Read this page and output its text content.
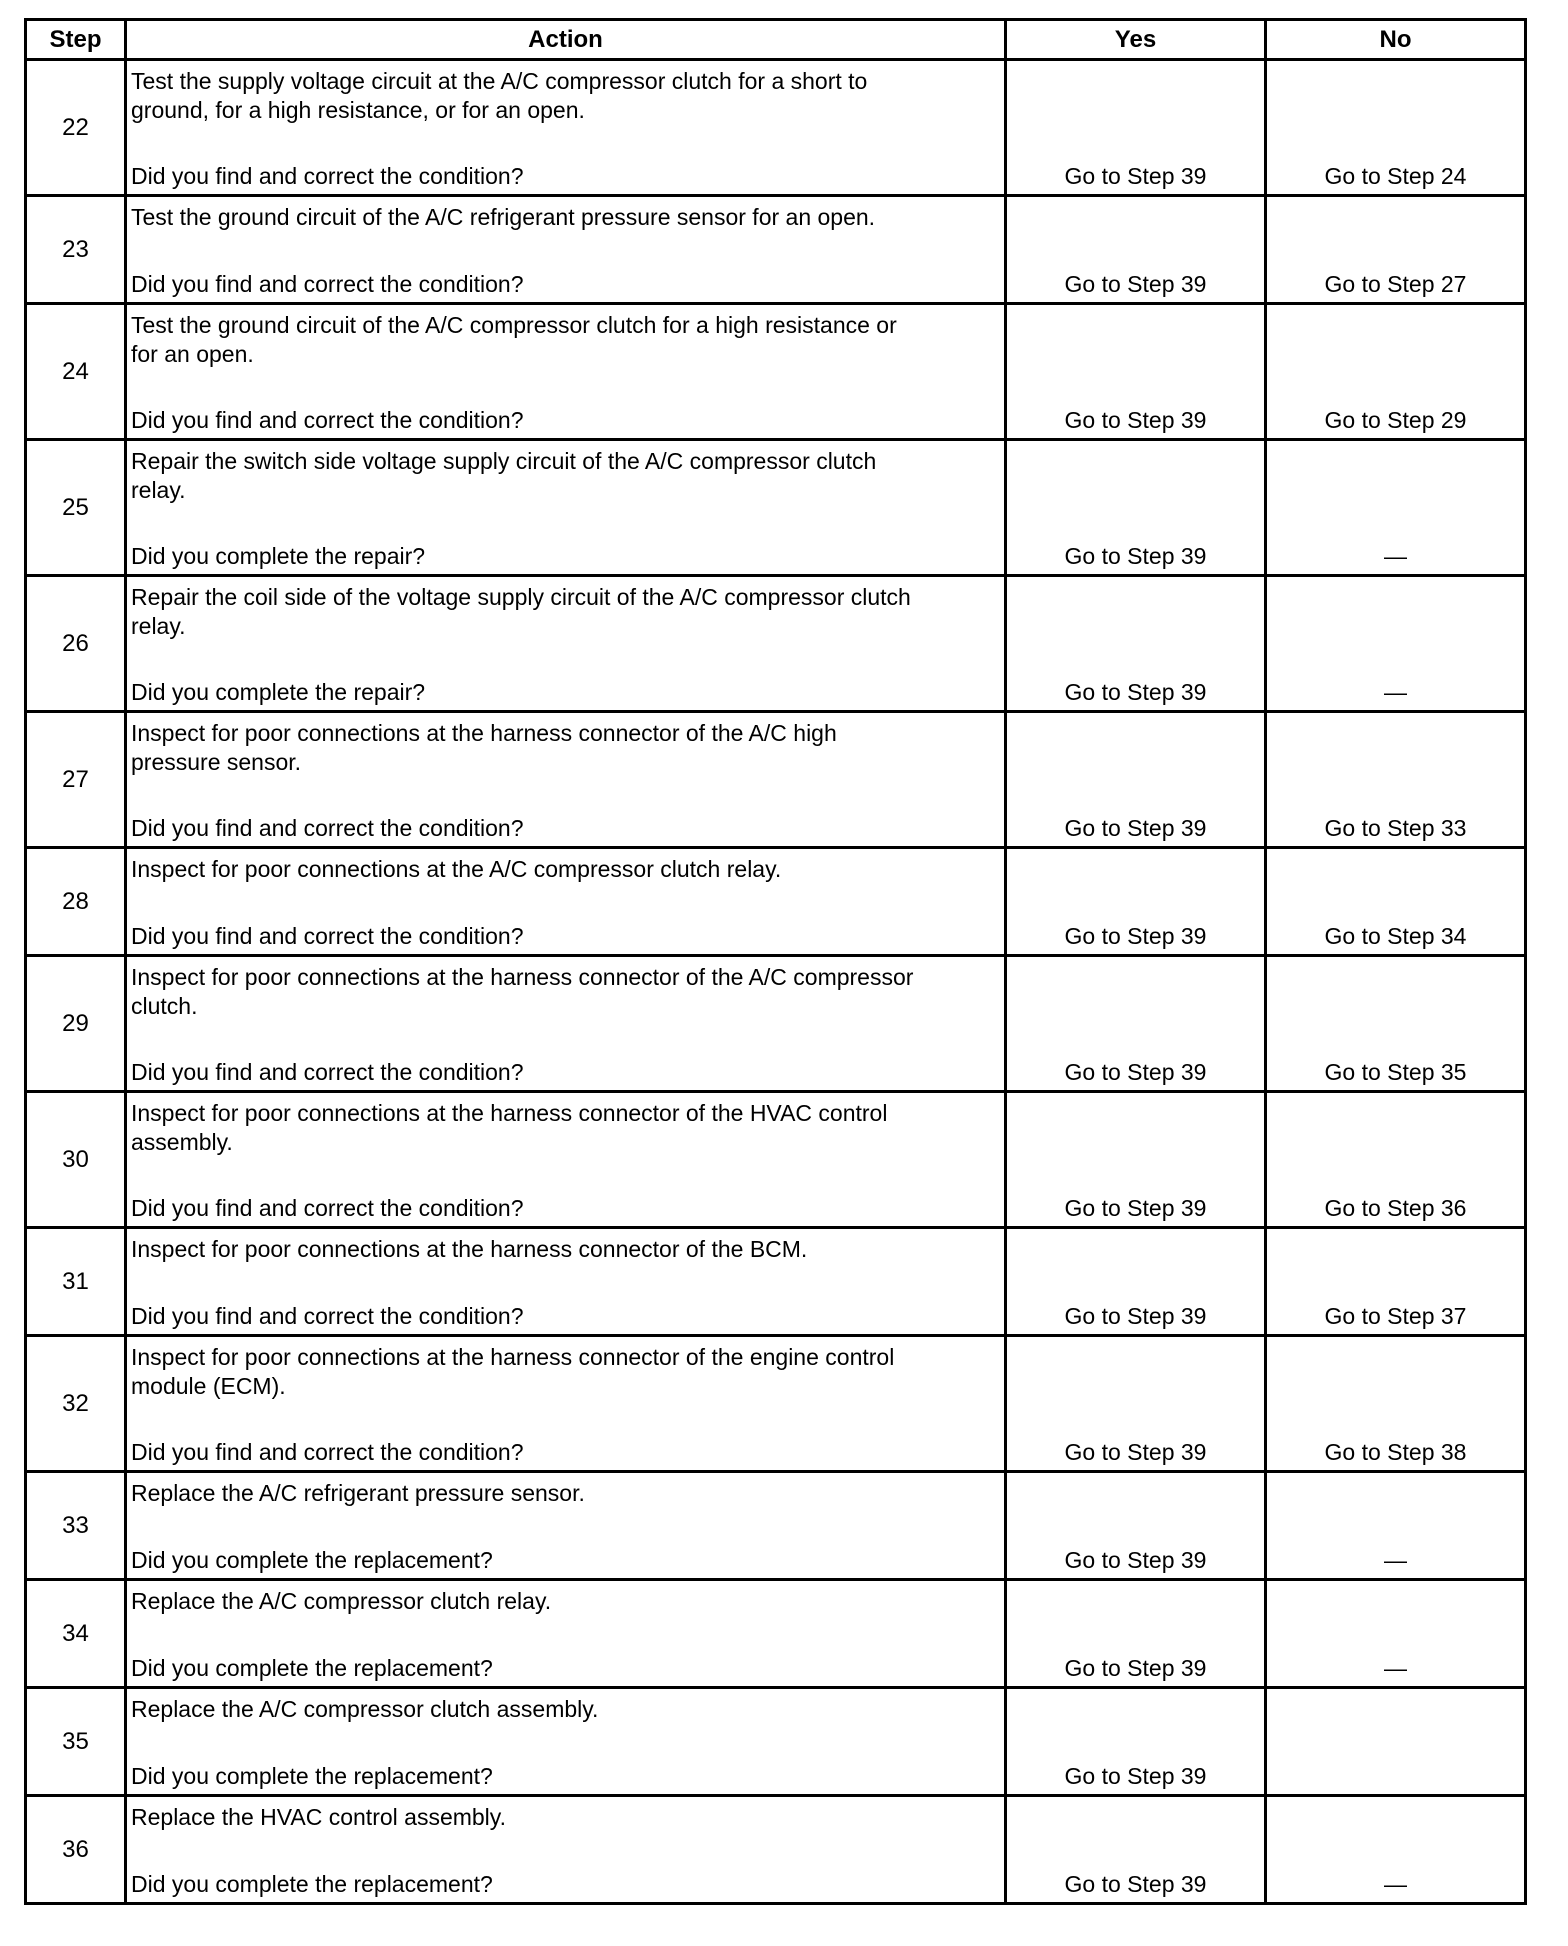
Step	Action	Yes	No
22	Test the supply voltage circuit at the A/C compressor clutch for a short to
ground, for a high resistance, or for an open.
Did you find and correct the condition?	Go to Step 39	Go to Step 24
23	Test the ground circuit of the A/C refrigerant pressure sensor for an open.
Did you find and correct the condition?	Go to Step 39	Go to Step 27
24	Test the ground circuit of the A/C compressor clutch for a high resistance or
for an open.
Did you find and correct the condition?	Go to Step 39	Go to Step 29
25	Repair the switch side voltage supply circuit of the A/C compressor clutch
relay.
Did you complete the repair?	Go to Step 39	—
26	Repair the coil side of the voltage supply circuit of the A/C compressor clutch
relay.
Did you complete the repair?	Go to Step 39	—
27	Inspect for poor connections at the harness connector of the A/C high
pressure sensor.
Did you find and correct the condition?	Go to Step 39	Go to Step 33
28	Inspect for poor connections at the A/C compressor clutch relay.
Did you find and correct the condition?	Go to Step 39	Go to Step 34
29	Inspect for poor connections at the harness connector of the A/C compressor
clutch.
Did you find and correct the condition?	Go to Step 39	Go to Step 35
30	Inspect for poor connections at the harness connector of the HVAC control
assembly.
Did you find and correct the condition?	Go to Step 39	Go to Step 36
31	Inspect for poor connections at the harness connector of the BCM.
Did you find and correct the condition?	Go to Step 39	Go to Step 37
32	Inspect for poor connections at the harness connector of the engine control
module (ECM).
Did you find and correct the condition?	Go to Step 39	Go to Step 38
33	Replace the A/C refrigerant pressure sensor.
Did you complete the replacement?	Go to Step 39	—
34	Replace the A/C compressor clutch relay.
Did you complete the replacement?	Go to Step 39	—
35	Replace the A/C compressor clutch assembly.
Did you complete the replacement?	Go to Step 39	
36	Replace the HVAC control assembly.
Did you complete the replacement?	Go to Step 39	—
